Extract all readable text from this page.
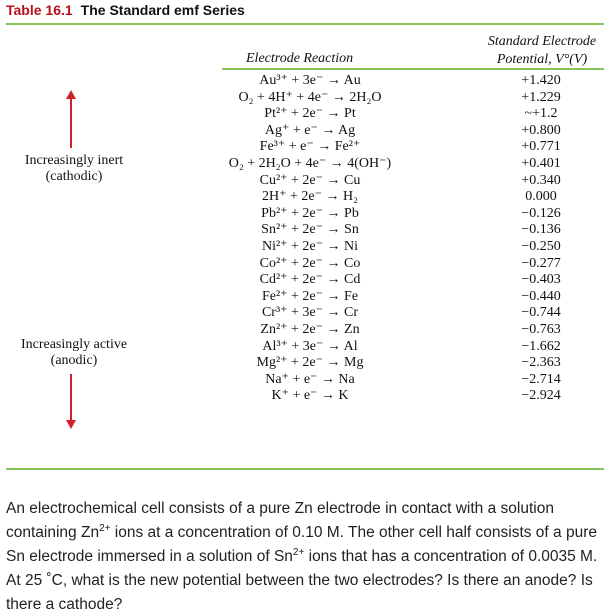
Table 16.1 The Standard emf Series
Electrode Reaction
Standard Electrode
Potential, V°(V)
Increasingly inert
(cathodic)
Increasingly active
(anodic)
Au³⁺ + 3e⁻ → Au	+1.420
O₂ + 4H⁺ + 4e⁻ → 2H₂O	+1.229
Pt²⁺ + 2e⁻ → Pt	~+1.2
Ag⁺ + e⁻ → Ag	+0.800
Fe³⁺ + e⁻ → Fe²⁺	+0.771
O₂ + 2H₂O + 4e⁻ → 4(OH⁻)	+0.401
Cu²⁺ + 2e⁻ → Cu	+0.340
2H⁺ + 2e⁻ → H₂	0.000
Pb²⁺ + 2e⁻ → Pb	−0.126
Sn²⁺ + 2e⁻ → Sn	−0.136
Ni²⁺ + 2e⁻ → Ni	−0.250
Co²⁺ + 2e⁻ → Co	−0.277
Cd²⁺ + 2e⁻ → Cd	−0.403
Fe²⁺ + 2e⁻ → Fe	−0.440
Cr³⁺ + 3e⁻ → Cr	−0.744
Zn²⁺ + 2e⁻ → Zn	−0.763
Al³⁺ + 3e⁻ → Al	−1.662
Mg²⁺ + 2e⁻ → Mg	−2.363
Na⁺ + e⁻ → Na	−2.714
K⁺ + e⁻ → K	−2.924
An electrochemical cell consists of a pure Zn electrode in contact with a solution containing $Zn^{2+}$ ions at a concentration of 0.10 M. The other cell half consists of a pure Sn electrode immersed in a solution of $Sn^{2+}$ ions that has a concentration of 0.0035 M. At 25 ˚C, what is the new potential between the two electrodes? Is there an anode? Is there a cathode?
